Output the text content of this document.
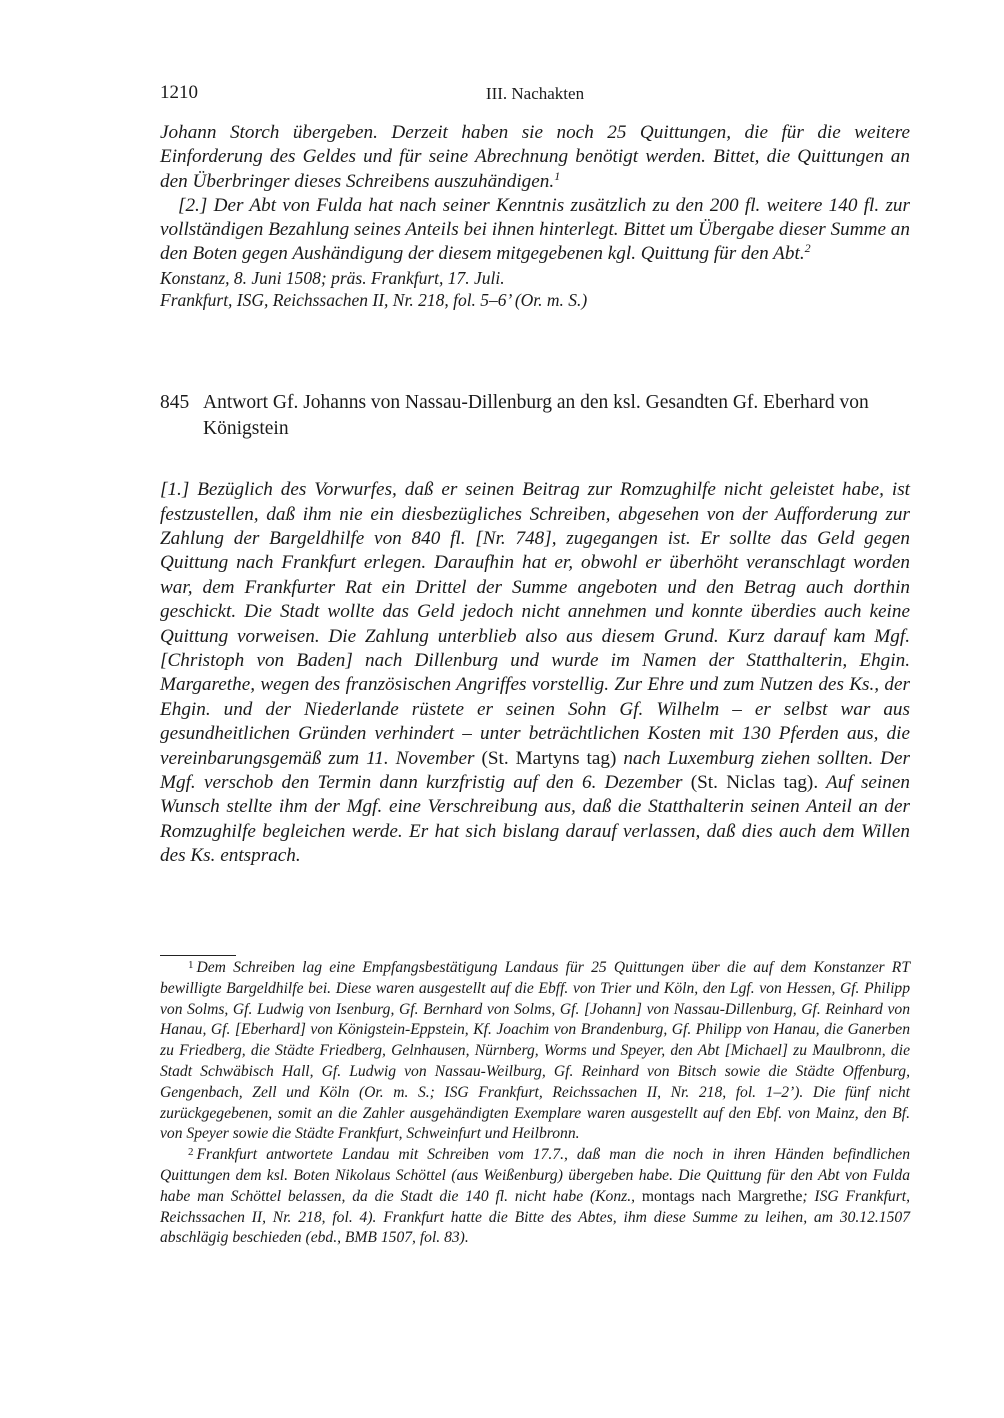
1210	III. Nachakten

Johann Storch übergeben. Derzeit haben sie noch 25 Quittungen, die für die weitere Einforderung des Geldes und für seine Abrechnung benötigt werden. Bittet, die Quittungen an den Überbringer dieses Schreibens auszuhändigen.$^1$

[2.] Der Abt von Fulda hat nach seiner Kenntnis zusätzlich zu den 200 fl. weitere 140 fl. zur vollständigen Bezahlung seines Anteils bei ihnen hinterlegt. Bittet um Übergabe dieser Summe an den Boten gegen Aushändigung der diesem mitgegebenen kgl. Quittung für den Abt.$^2$

Konstanz, 8. Juni 1508; präs. Frankfurt, 17. Juli.
Frankfurt, ISG, Reichssachen II, Nr. 218, fol. 5–6’ (Or. m. S.)

845 Antwort Gf. Johanns von Nassau-Dillenburg an den ksl. Gesandten Gf. Eberhard von Königstein

[1.] Bezüglich des Vorwurfes, daß er seinen Beitrag zur Romzughilfe nicht geleistet habe, ist festzustellen, daß ihm nie ein diesbezügliches Schreiben, abgesehen von der Aufforderung zur Zahlung der Bargeldhilfe von 840 fl. [Nr. 748], zugegangen ist. Er sollte das Geld gegen Quittung nach Frankfurt erlegen. Daraufhin hat er, obwohl er überhöht veranschlagt worden war, dem Frankfurter Rat ein Drittel der Summe angeboten und den Betrag auch dorthin geschickt. Die Stadt wollte das Geld jedoch nicht annehmen und konnte überdies auch keine Quittung vorweisen. Die Zahlung unterblieb also aus diesem Grund. Kurz darauf kam Mgf. [Christoph von Baden] nach Dillenburg und wurde im Namen der Statthalterin, Ehgin. Margarethe, wegen des französischen Angriffes vorstellig. Zur Ehre und zum Nutzen des Ks., der Ehgin. und der Niederlande rüstete er seinen Sohn Gf. Wilhelm – er selbst war aus gesundheitlichen Gründen verhindert – unter beträchtlichen Kosten mit 130 Pferden aus, die vereinbarungsgemäß zum 11. November (St. Martyns tag) nach Luxemburg ziehen sollten. Der Mgf. verschob den Termin dann kurzfristig auf den 6. Dezember (St. Niclas tag). Auf seinen Wunsch stellte ihm der Mgf. eine Verschreibung aus, daß die Statthalterin seinen Anteil an der Romzughilfe begleichen werde. Er hat sich bislang darauf verlassen, daß dies auch dem Willen des Ks. entsprach.

$^1$ Dem Schreiben lag eine Empfangsbestätigung Landaus für 25 Quittungen über die auf dem Konstanzer RT bewilligte Bargeldhilfe bei. Diese waren ausgestellt auf die Ebff. von Trier und Köln, den Lgf. von Hessen, Gf. Philipp von Solms, Gf. Ludwig von Isenburg, Gf. Bernhard von Solms, Gf. [Johann] von Nassau-Dillenburg, Gf. Reinhard von Hanau, Gf. [Eberhard] von Königstein-Eppstein, Kf. Joachim von Brandenburg, Gf. Philipp von Hanau, die Ganerben zu Friedberg, die Städte Friedberg, Gelnhausen, Nürnberg, Worms und Speyer, den Abt [Michael] zu Maulbronn, die Stadt Schwäbisch Hall, Gf. Ludwig von Nassau-Weilburg, Gf. Reinhard von Bitsch sowie die Städte Offenburg, Gengenbach, Zell und Köln (Or. m. S.; ISG Frankfurt, Reichssachen II, Nr. 218, fol. 1–2’). Die fünf nicht zurückgegebenen, somit an die Zahler ausgehändigten Exemplare waren ausgestellt auf den Ebf. von Mainz, den Bf. von Speyer sowie die Städte Frankfurt, Schweinfurt und Heilbronn.

$^2$ Frankfurt antwortete Landau mit Schreiben vom 17.7., daß man die noch in ihren Händen befindlichen Quittungen dem ksl. Boten Nikolaus Schöttel (aus Weißenburg) übergeben habe. Die Quittung für den Abt von Fulda habe man Schöttel belassen, da die Stadt die 140 fl. nicht habe (Konz., montags nach Margrethe; ISG Frankfurt, Reichssachen II, Nr. 218, fol. 4). Frankfurt hatte die Bitte des Abtes, ihm diese Summe zu leihen, am 30.12.1507 abschlägig beschieden (ebd., BMB 1507, fol. 83).
